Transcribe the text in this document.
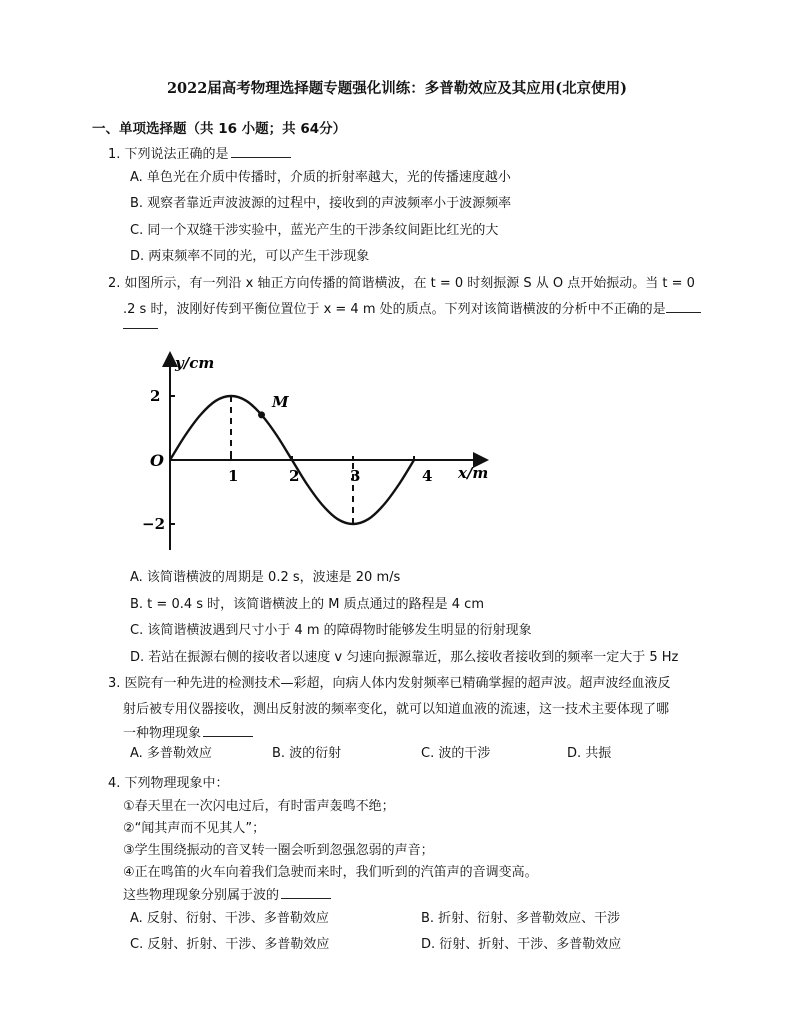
2022届高考物理选择题专题强化训练：多普勒效应及其应用(北京使用)
一、单项选择题（共 16 小题；共 64分）
1. 下列说法正确的是
A. 单色光在介质中传播时，介质的折射率越大，光的传播速度越小
B. 观察者靠近声波波源的过程中，接收到的声波频率小于波源频率
C. 同一个双缝干涉实验中，蓝光产生的干涉条纹间距比红光的大
D. 两束频率不同的光，可以产生干涉现象
2. 如图所示，有一列沿 x 轴正方向传播的简谐横波，在 t = 0 时刻振源 S 从 O 点开始振动。当 t = 0
.2 s 时，波刚好传到平衡位置位于 x = 4 m 处的质点。下列对该简谐横波的分析中不正确的是
y/cm
x/m
O
M
1	2	3	4
2
−2
A. 该简谐横波的周期是 0.2 s，波速是 20 m/s
B. t = 0.4 s 时，该简谐横波上的 M 质点通过的路程是 4 cm
C. 该简谐横波遇到尺寸小于 4 m 的障碍物时能够发生明显的衍射现象
D. 若站在振源右侧的接收者以速度 v 匀速向振源靠近，那么接收者接收到的频率一定大于 5 Hz
3. 医院有一种先进的检测技术—彩超，向病人体内发射频率已精确掌握的超声波。超声波经血液反
射后被专用仪器接收，测出反射波的频率变化，就可以知道血液的流速，这一技术主要体现了哪
一种物理现象
A. 多普勒效应	B. 波的衍射	C. 波的干涉	D. 共振
4. 下列物理现象中：
①春天里在一次闪电过后，有时雷声轰鸣不绝；
②“闻其声而不见其人”；
③学生围绕振动的音叉转一圈会听到忽强忽弱的声音；
④正在鸣笛的火车向着我们急驶而来时，我们听到的汽笛声的音调变高。
这些物理现象分别属于波的
A. 反射、衍射、干涉、多普勒效应	B. 折射、衍射、多普勒效应、干涉
C. 反射、折射、干涉、多普勒效应	D. 衍射、折射、干涉、多普勒效应
